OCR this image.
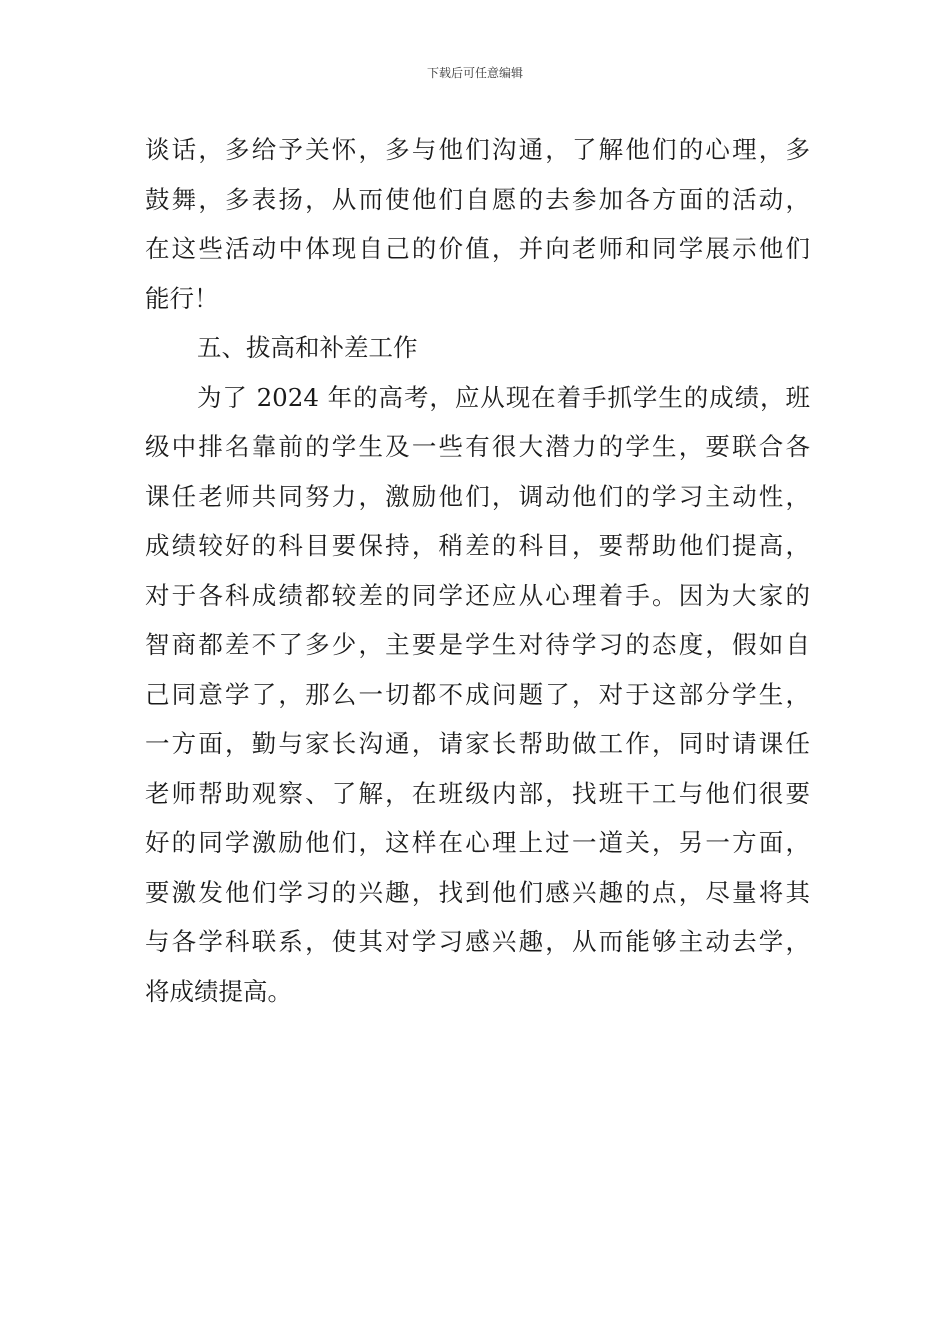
下载后可任意编辑
谈话，多给予关怀，多与他们沟通，了解他们的心理，多
鼓舞，多表扬，从而使他们自愿的去参加各方面的活动，
在这些活动中体现自己的价值，并向老师和同学展示他们
能行！
五、拔高和补差工作
为了 2024 年的高考，应从现在着手抓学生的成绩，班
级中排名靠前的学生及一些有很大潜力的学生，要联合各
课任老师共同努力，激励他们，调动他们的学习主动性，
成绩较好的科目要保持，稍差的科目，要帮助他们提高，
对于各科成绩都较差的同学还应从心理着手。因为大家的
智商都差不了多少，主要是学生对待学习的态度，假如自
己同意学了，那么一切都不成问题了，对于这部分学生，
一方面，勤与家长沟通，请家长帮助做工作，同时请课任
老师帮助观察、了解，在班级内部，找班干工与他们很要
好的同学激励他们，这样在心理上过一道关，另一方面，
要激发他们学习的兴趣，找到他们感兴趣的点，尽量将其
与各学科联系，使其对学习感兴趣，从而能够主动去学，
将成绩提高。
